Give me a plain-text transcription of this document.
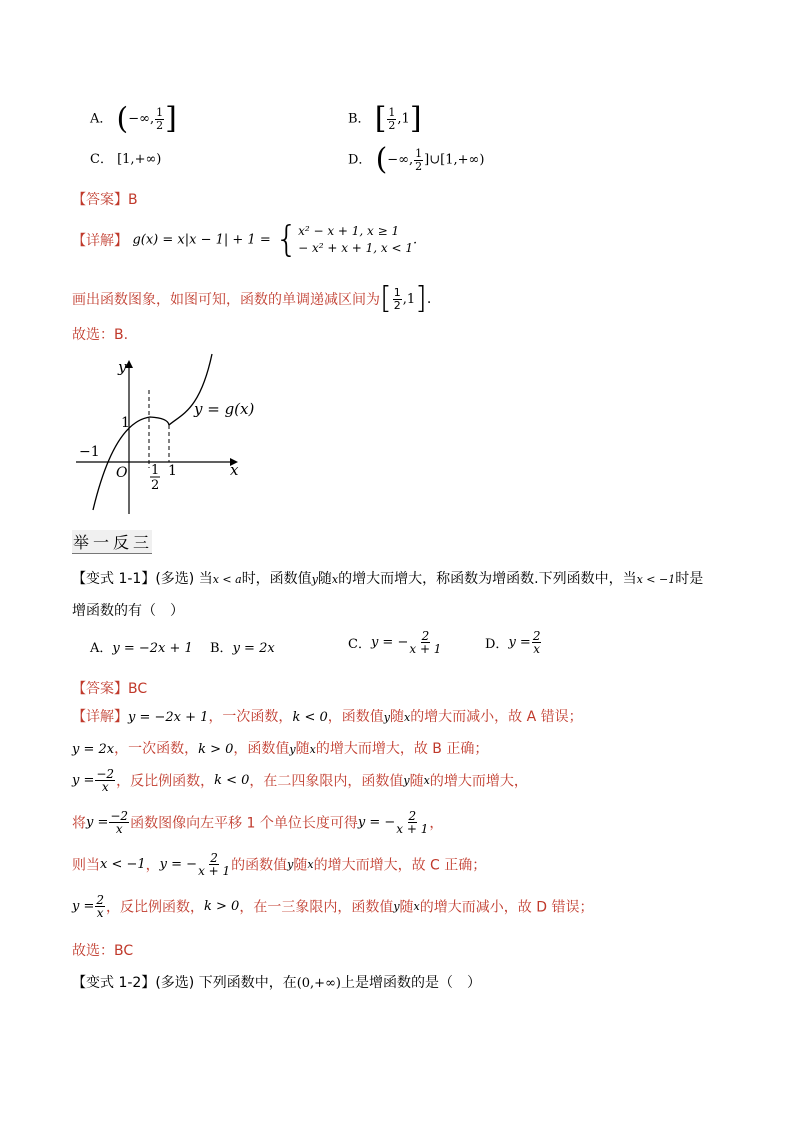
A． (−∞, $\frac{1}{2}$ ]	B． [ $\frac{1}{2} ,1$]
C． [1,+∞)	D． (−∞, $\frac{1}{2}$ ]∪[1,+∞)
【答案】B
【详解】 g(x) = x|x − 1| + 1 = { x² − x + 1, x ≥ 1
− x² + x + 1, x < 1
.
画出函数图象，如图可知，函数的单调递减区间为[ $\frac{1}{2} ,1$].
故选：B.
y
x
O
−1
1
1
2
1
y = g(x)
举 一 反 三
【变式 1-1】(多选) 当x < a时，函数值y随x的增大而增大，称函数为增函数.下列函数中，当x < −1时是
增函数的有（　）
A．y = −2x + 1 B．y = 2x	C．y = − $\frac{2}{x + 1}$	D．$y = \frac{2}{x}$
【答案】BC
【详解】y = −2x + 1，一次函数，k < 0，函数值y随x的增大而减小，故 A 错误；
y = 2x，一次函数，k > 0，函数值y随x的增大而增大，故 B 正确；
$y = \frac{-2}{x}$ ，反比例函数，k < 0，在二四象限内，函数值y随x的增大而增大，
将$y = \frac{-2}{x}$ 函数图像向左平移 1 个单位长度可得y = − $\frac{2}{x + 1}$ ，
则当x < −1，y = − $\frac{2}{x + 1}$ 的函数值y随x的增大而增大，故 C 正确；
$y = \frac{2}{x}$ ，反比例函数，k > 0，在一三象限内，函数值y随x的增大而减小，故 D 错误；
故选：BC
【变式 1-2】(多选) 下列函数中，在(0,+∞)上是增函数的是（　）
